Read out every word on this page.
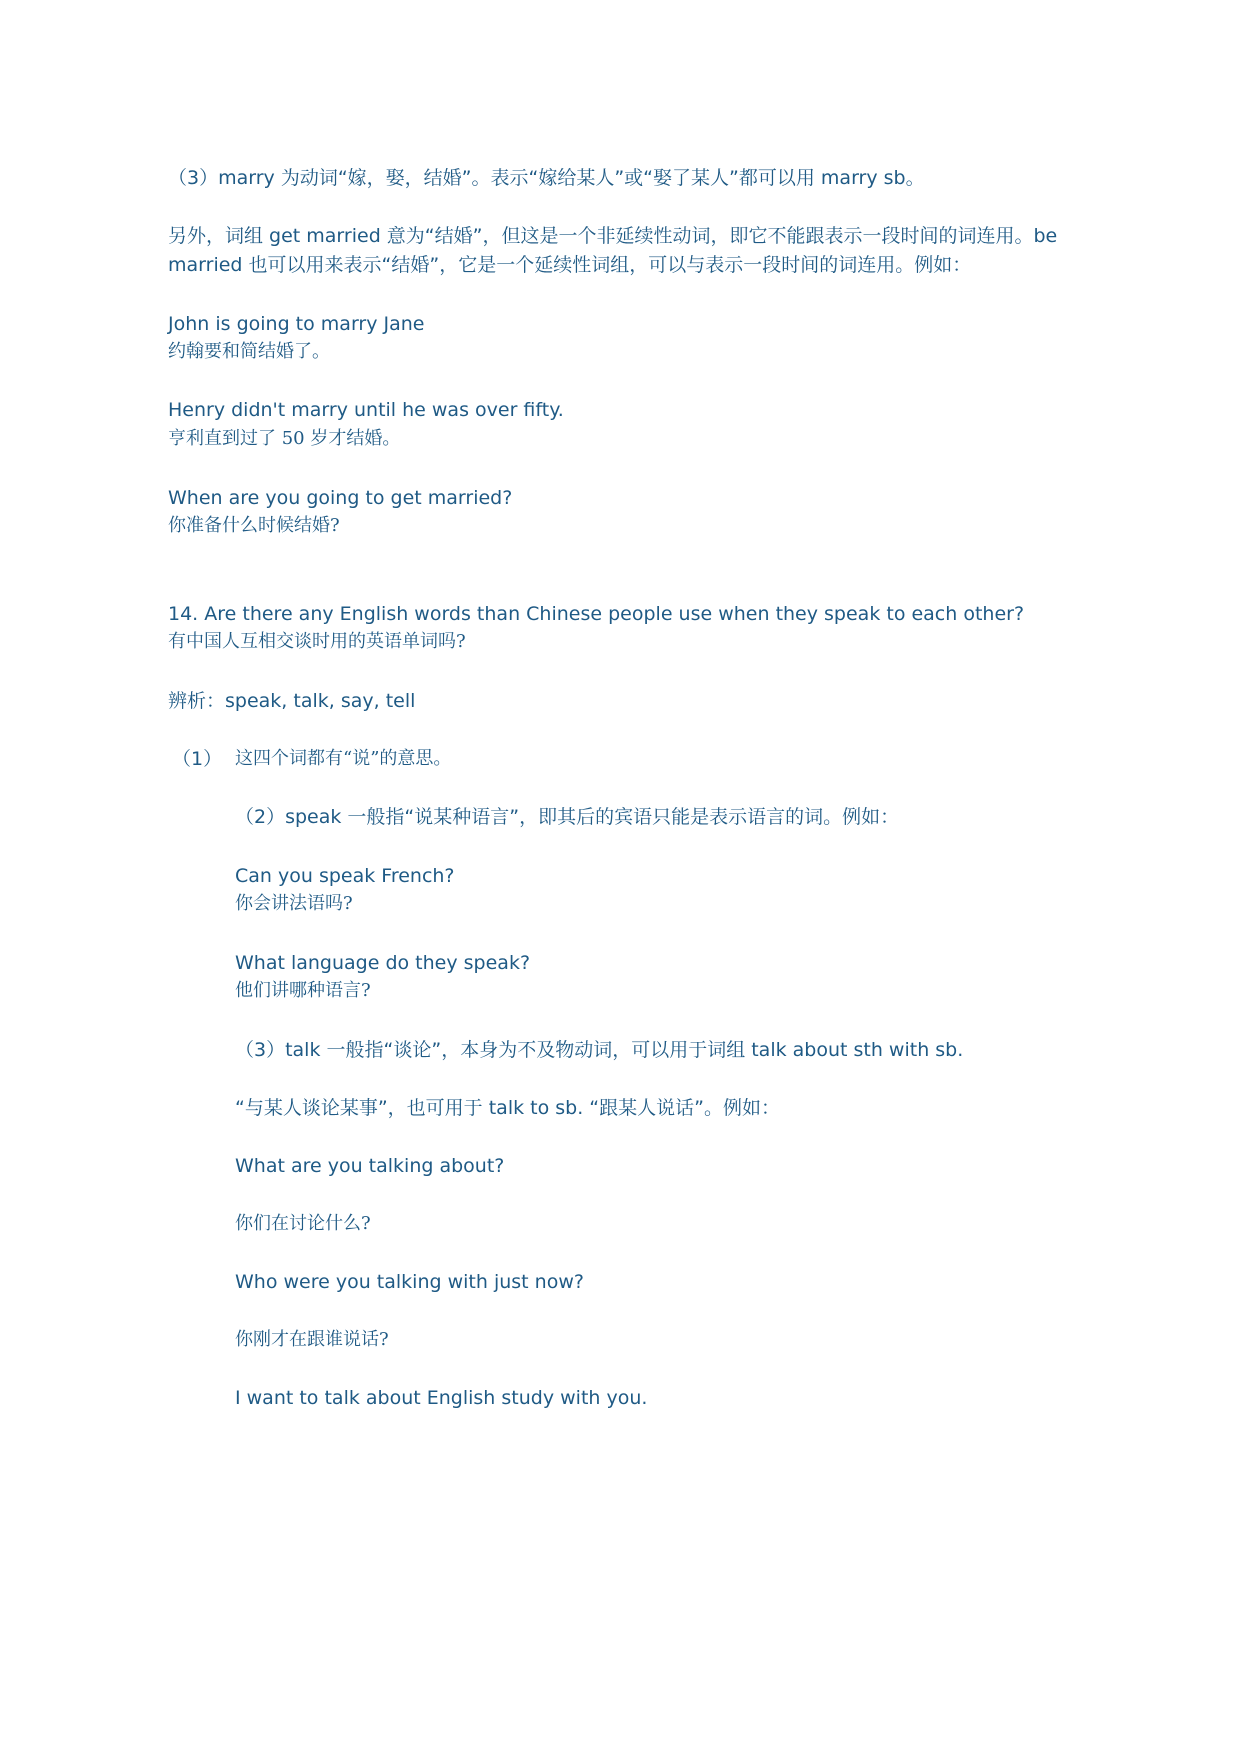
（3）marry 为动词“嫁，娶，结婚”。表示“嫁给某人”或“娶了某人”都可以用 marry sb。
另外，词组 get married 意为“结婚”，但这是一个非延续性动词，即它不能跟表示一段时间的词连用。be
married 也可以用来表示“结婚”，它是一个延续性词组，可以与表示一段时间的词连用。例如：
John is going to marry Jane
约翰要和简结婚了。
Henry didn't marry until he was over fifty.
亨利直到过了 50 岁才结婚。
When are you going to get married?
你准备什么时候结婚?
14. Are there any English words than Chinese people use when they speak to each other?
有中国人互相交谈时用的英语单词吗?
辨析：speak, talk, say, tell
（1） 这四个词都有“说”的意思。
（2）speak 一般指“说某种语言”，即其后的宾语只能是表示语言的词。例如：
Can you speak French?
你会讲法语吗?
What language do they speak?
他们讲哪种语言?
（3）talk 一般指“谈论”，本身为不及物动词，可以用于词组 talk about sth with sb.
“与某人谈论某事”，也可用于 talk to sb. “跟某人说话”。例如：
What are you talking about?
你们在讨论什么?
Who were you talking with just now?
你刚才在跟谁说话?
I want to talk about English study with you.
